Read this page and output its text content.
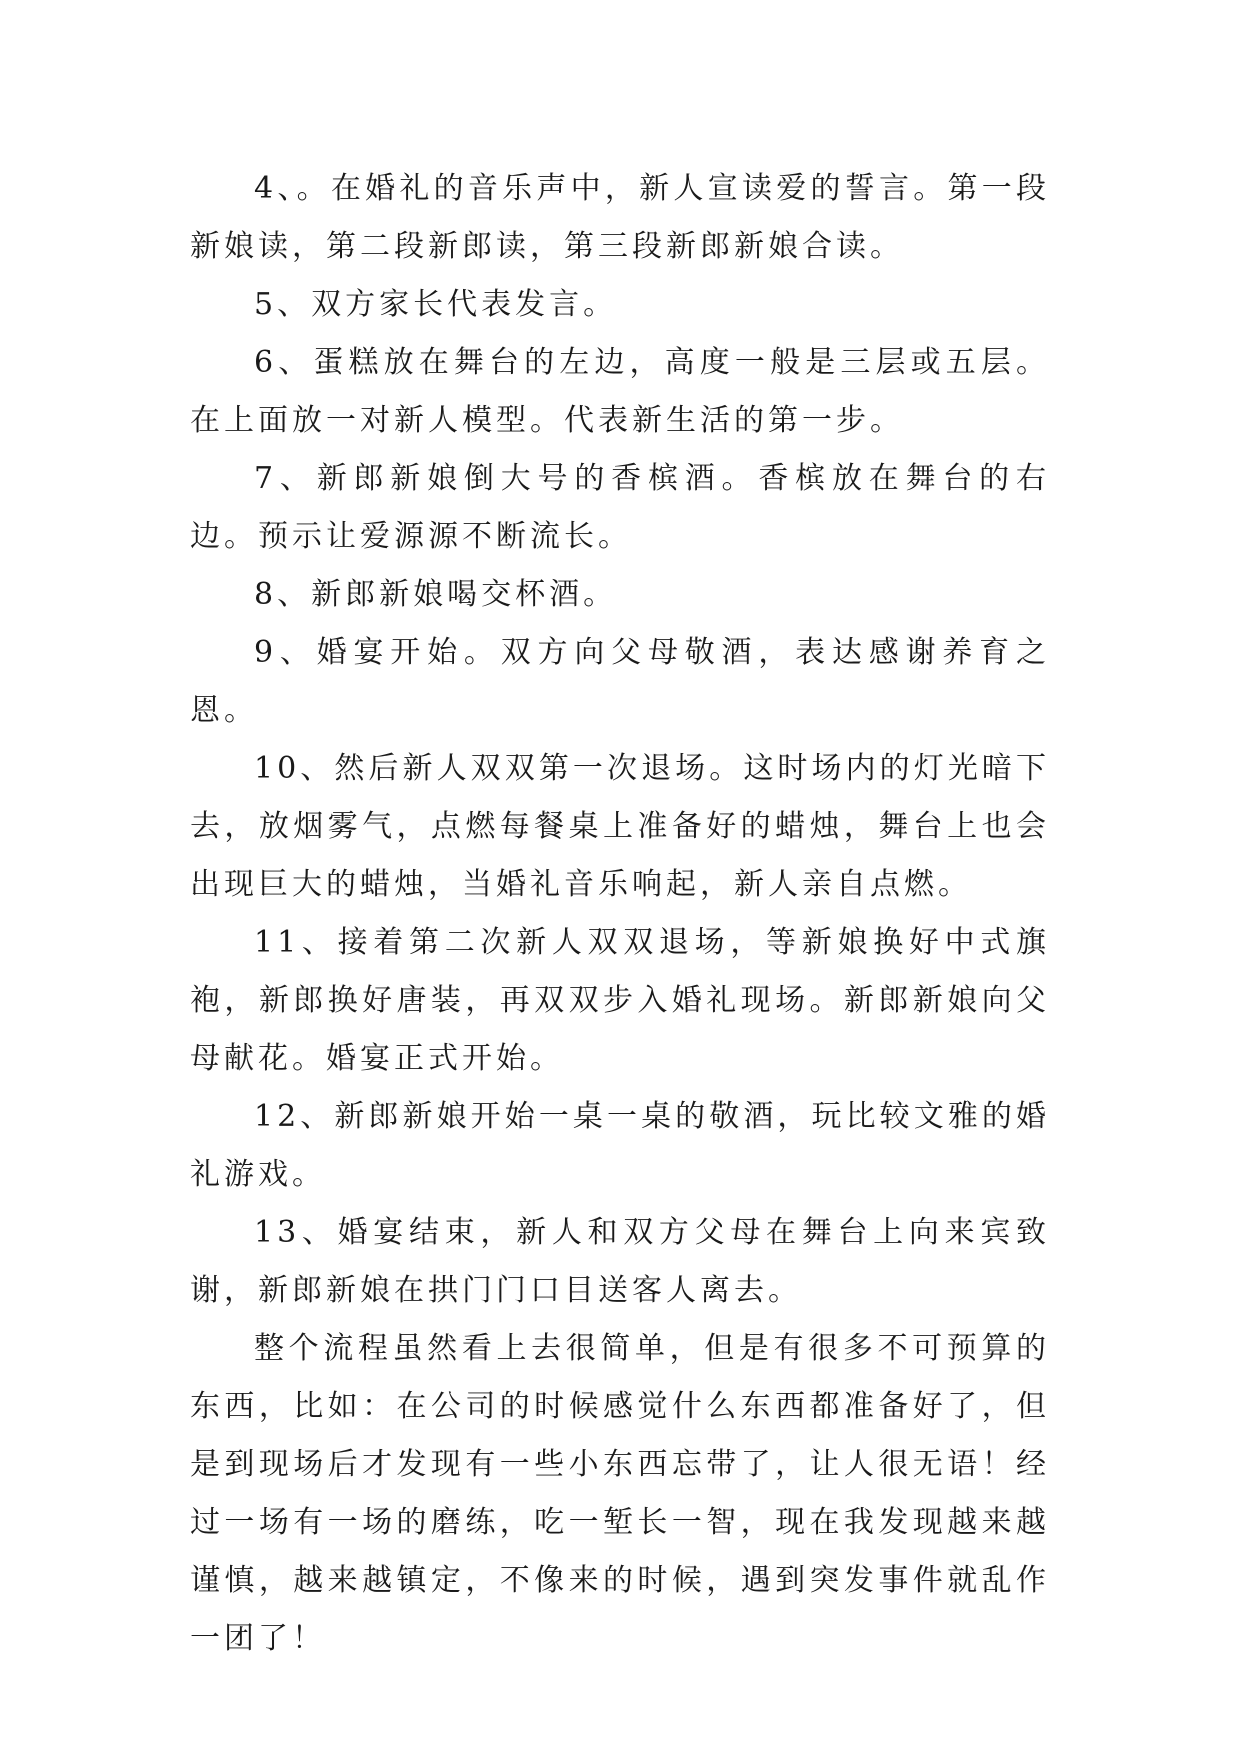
4、。在婚礼的音乐声中，新人宣读爱的誓言。第一段新娘读，第二段新郎读，第三段新郎新娘合读。

5、双方家长代表发言。

6、蛋糕放在舞台的左边，高度一般是三层或五层。在上面放一对新人模型。代表新生活的第一步。

7、新郎新娘倒大号的香槟酒。香槟放在舞台的右边。预示让爱源源不断流长。

8、新郎新娘喝交杯酒。

9、婚宴开始。双方向父母敬酒，表达感谢养育之恩。

10、然后新人双双第一次退场。这时场内的灯光暗下去，放烟雾气，点燃每餐桌上准备好的蜡烛，舞台上也会出现巨大的蜡烛，当婚礼音乐响起，新人亲自点燃。

11、接着第二次新人双双退场，等新娘换好中式旗袍，新郎换好唐装，再双双步入婚礼现场。新郎新娘向父母献花。婚宴正式开始。

12、新郎新娘开始一桌一桌的敬酒，玩比较文雅的婚礼游戏。

13、婚宴结束，新人和双方父母在舞台上向来宾致谢，新郎新娘在拱门门口目送客人离去。

整个流程虽然看上去很简单，但是有很多不可预算的东西，比如：在公司的时候感觉什么东西都准备好了，但是到现场后才发现有一些小东西忘带了，让人很无语！经过一场有一场的磨练，吃一堑长一智，现在我发现越来越谨慎，越来越镇定，不像来的时候，遇到突发事件就乱作一团了！
